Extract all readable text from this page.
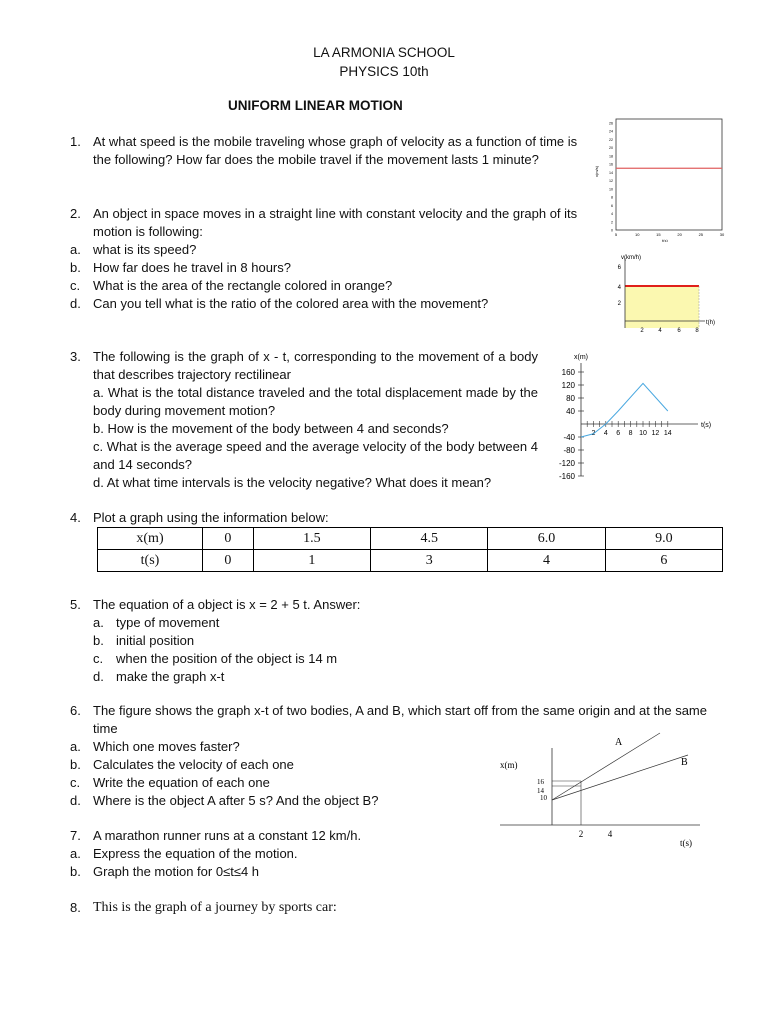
LA ARMONIA SCHOOL
PHYSICS 10th
UNIFORM LINEAR MOTION
1. At what speed is the mobile traveling whose graph of velocity as a function of time is the following? How far does the mobile travel if the movement lasts 1 minute?
26
24
22
20
18
16
14
12
10
8
6
4
2
0
5	10	15	20	25	30
v(m/s)
t(s)
2. An object in space moves in a straight line with constant velocity and the graph of its motion is following:
a. what is its speed?
b. How far does he travel in 8 hours?
c. What is the area of the rectangle colored in orange?
d. Can you tell what is the ratio of the colored area with the movement?
6
4
2
2 4	6 8
v(km/h)
t(h)
3. The following is the graph of x - t, corresponding to the movement of a body that describes trajectory rectilinear
a. What is the total distance traveled and the total displacement made by the body during movement motion?
b. How is the movement of the body between 4 and seconds?
c. What is the average speed and the average velocity of the body between 4 and 14 seconds?
d. At what time intervals is the velocity negative? What does it mean?
160
120
80
40
-40
-80
-120
-160
2 4 6 8 10 12 14
x(m)
t(s)
4. Plot a graph using the information below:
x(m)	0	1.5	4.5	6.0	9.0
t(s)	0	1	3	4	6
5. The equation of a object is x = 2 + 5 t. Answer:
a. type of movement
b. initial position
c. when the position of the object is 14 m
d. make the graph x-t
6. The figure shows the graph x-t of two bodies, A and B, which start off from the same origin and at the same time
a. Which one moves faster?
b. Calculates the velocity of each one
c. Write the equation of each one
d. Where is the object A after 5 s? And the object B?
x(m)
A
B
16
14
10
2	4
t(s)
7. A marathon runner runs at a constant 12 km/h.
a. Express the equation of the motion.
b. Graph the motion for 0≤t≤4 h
8. This is the graph of a journey by sports car:
